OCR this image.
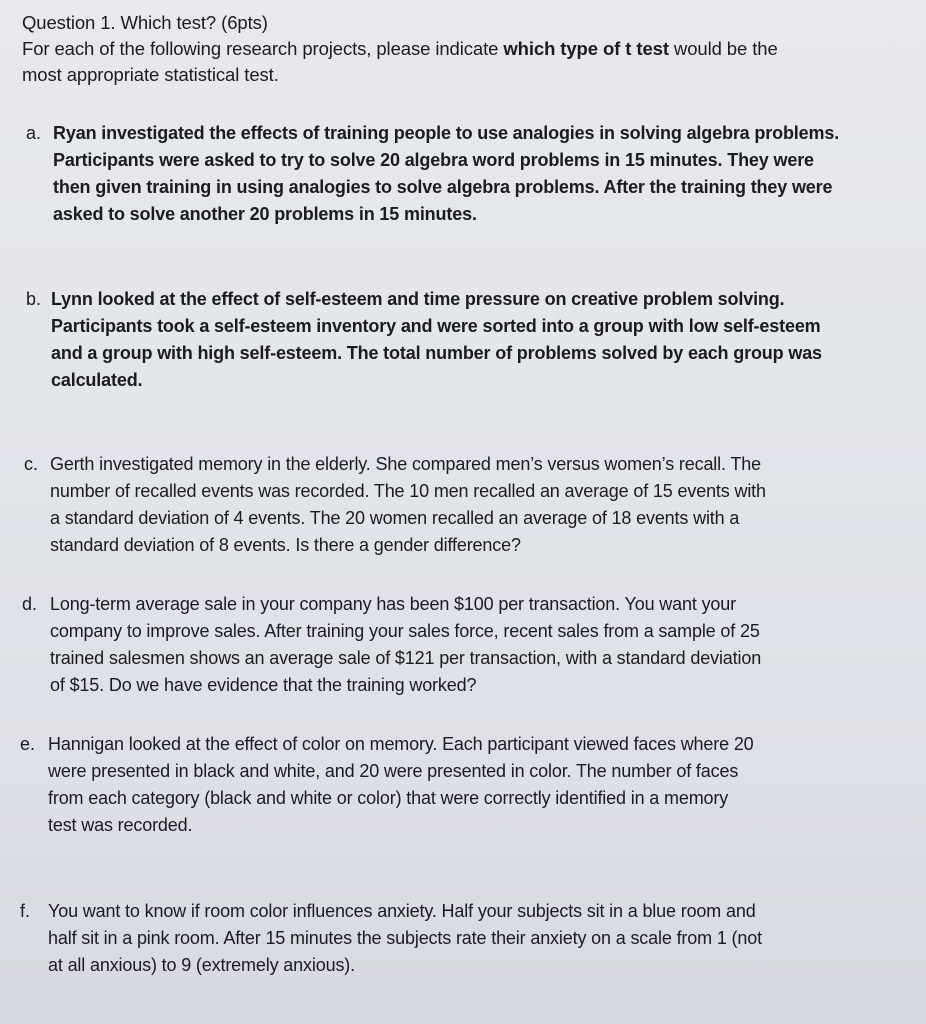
Question 1. Which test? (6pts)
For each of the following research projects, please indicate which type of t test would be the
most appropriate statistical test.
a. Ryan investigated the effects of training people to use analogies in solving algebra problems.
Participants were asked to try to solve 20 algebra word problems in 15 minutes. They were
then given training in using analogies to solve algebra problems. After the training they were
asked to solve another 20 problems in 15 minutes.
b. Lynn looked at the effect of self-esteem and time pressure on creative problem solving.
Participants took a self-esteem inventory and were sorted into a group with low self-esteem
and a group with high self-esteem. The total number of problems solved by each group was
calculated.
c. Gerth investigated memory in the elderly. She compared men’s versus women’s recall. The
number of recalled events was recorded. The 10 men recalled an average of 15 events with
a standard deviation of 4 events. The 20 women recalled an average of 18 events with a
standard deviation of 8 events. Is there a gender difference?
d. Long-term average sale in your company has been $100 per transaction. You want your
company to improve sales. After training your sales force, recent sales from a sample of 25
trained salesmen shows an average sale of $121 per transaction, with a standard deviation
of $15. Do we have evidence that the training worked?
e. Hannigan looked at the effect of color on memory. Each participant viewed faces where 20
were presented in black and white, and 20 were presented in color. The number of faces
from each category (black and white or color) that were correctly identified in a memory
test was recorded.
f. You want to know if room color influences anxiety. Half your subjects sit in a blue room and
half sit in a pink room. After 15 minutes the subjects rate their anxiety on a scale from 1 (not
at all anxious) to 9 (extremely anxious).
